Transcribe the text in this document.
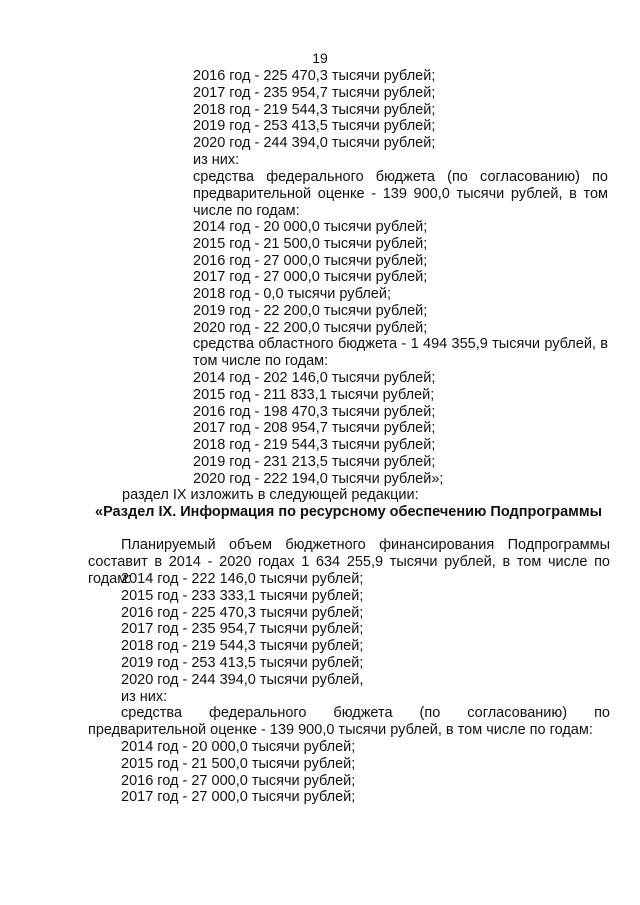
19
2016 год - 225 470,3 тысячи рублей;
2017 год - 235 954,7 тысячи рублей;
2018 год - 219 544,3 тысячи рублей;
2019 год - 253 413,5 тысячи рублей;
2020 год - 244 394,0 тысячи рублей;
из них:
средства федерального бюджета (по согласованию) по предварительной оценке - 139 900,0 тысячи рублей, в том числе по годам:
2014 год - 20 000,0 тысячи рублей;
2015 год - 21 500,0 тысячи рублей;
2016 год - 27 000,0 тысячи рублей;
2017 год - 27 000,0 тысячи рублей;
2018 год - 0,0 тысячи рублей;
2019 год - 22 200,0 тысячи рублей;
2020 год - 22 200,0 тысячи рублей;
средства областного бюджета - 1 494 355,9 тысячи рублей, в том числе по годам:
2014 год - 202 146,0 тысячи рублей;
2015 год - 211 833,1 тысячи рублей;
2016 год - 198 470,3 тысячи рублей;
2017 год - 208 954,7 тысячи рублей;
2018 год - 219 544,3 тысячи рублей;
2019 год - 231 213,5 тысячи рублей;
2020 год - 222 194,0 тысячи рублей»;
раздел IX изложить в следующей редакции:
«Раздел IX. Информация по ресурсному обеспечению Подпрограммы
Планируемый объем бюджетного финансирования Подпрограммы составит в 2014 - 2020 годах 1 634 255,9 тысячи рублей, в том числе по годам:
2014 год - 222 146,0 тысячи рублей;
2015 год - 233 333,1 тысячи рублей;
2016 год - 225 470,3 тысячи рублей;
2017 год - 235 954,7 тысячи рублей;
2018 год - 219 544,3 тысячи рублей;
2019 год - 253 413,5 тысячи рублей;
2020 год - 244 394,0 тысячи рублей,
из них:
средства федерального бюджета (по согласованию) по предварительной оценке - 139 900,0 тысячи рублей, в том числе по годам:
2014 год - 20 000,0 тысячи рублей;
2015 год - 21 500,0 тысячи рублей;
2016 год - 27 000,0 тысячи рублей;
2017 год - 27 000,0 тысячи рублей;
